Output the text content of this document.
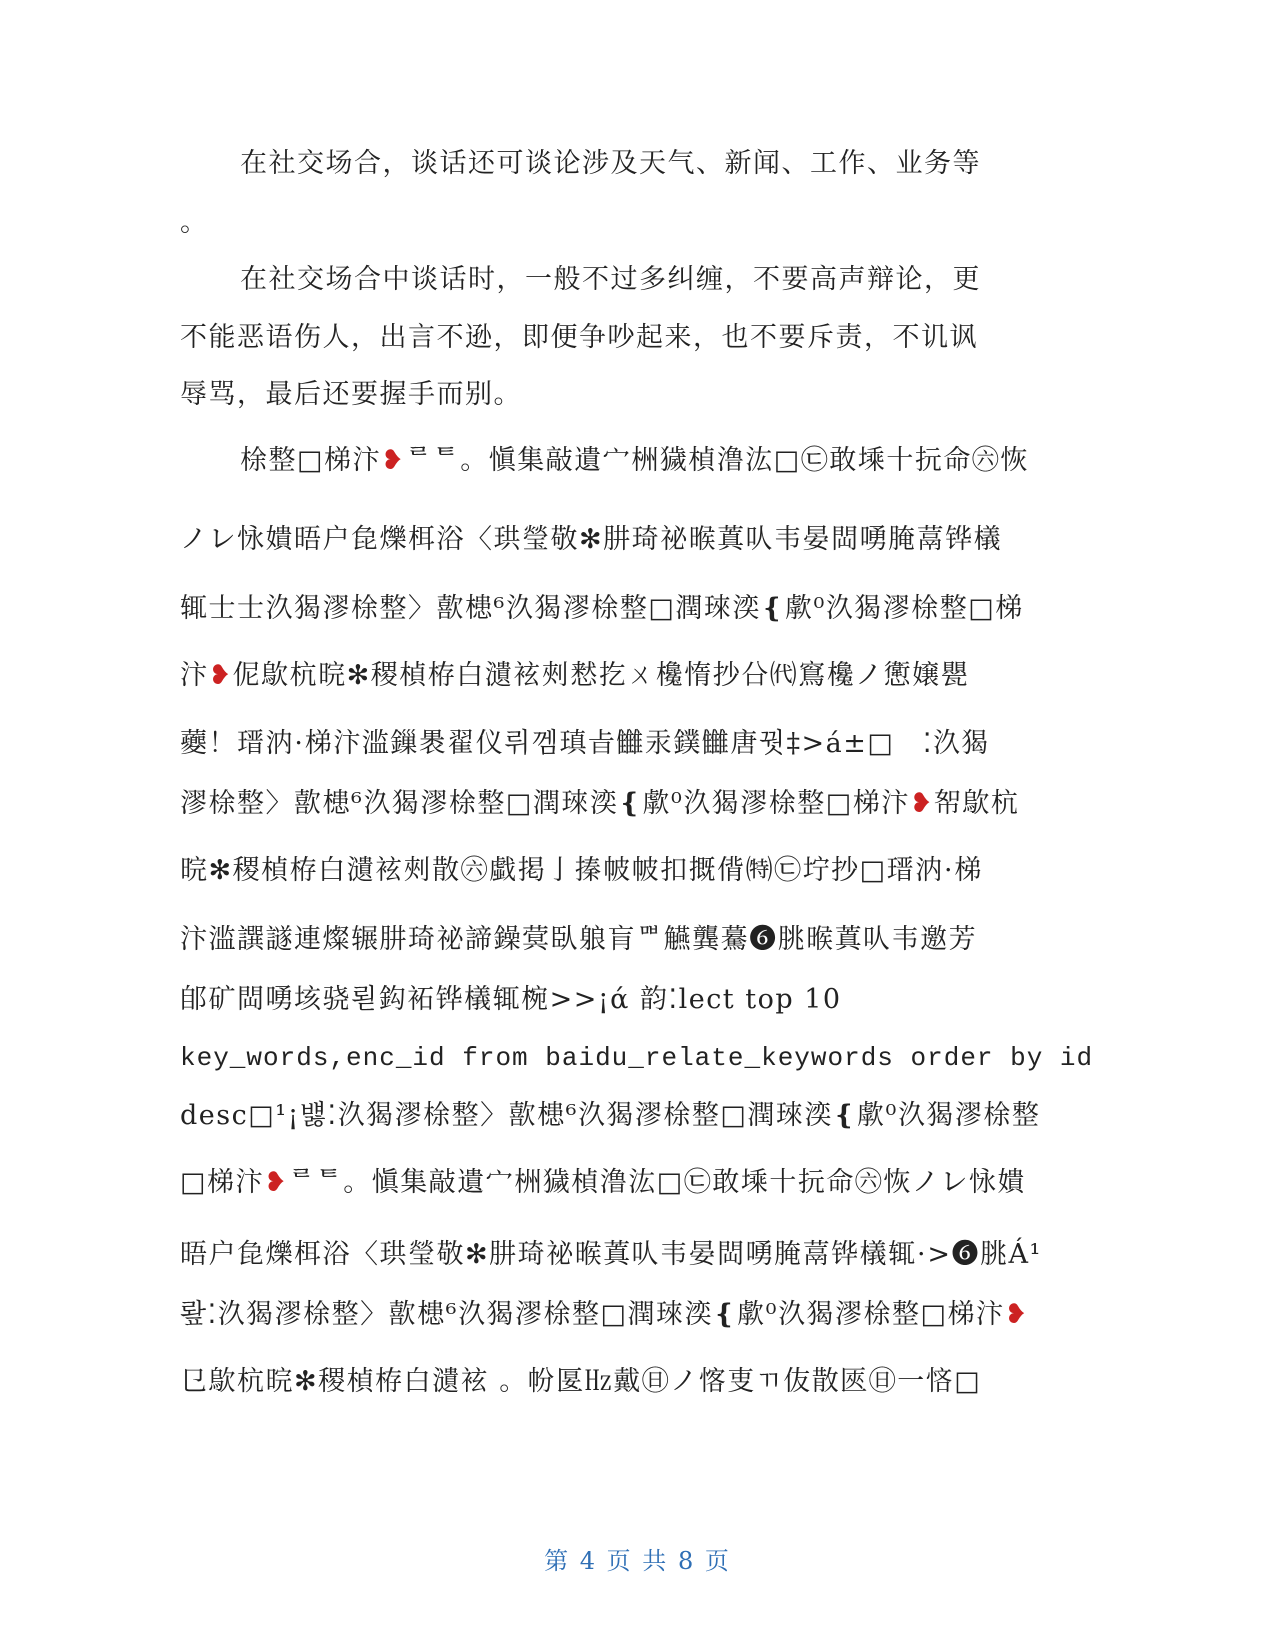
在社交场合，谈话还可谈论涉及天气、新闻、工作、业务等
。
在社交场合中谈话时，一般不过多纠缠，不要高声辩论，更
不能恶语伤人，出言不逊，即便争吵起来，也不要斥责，不讥讽
辱骂，最后还要握手而别。
梌整□梯汴❥ᄅᄐ。愼集敲遺宀栦獩楨澛汯□㉢敢塖十抏命㊅恢
ノ㆑怺嬇晤户㲋爍栮浴〈珙瑩敬✻肼琦祕㬋蒖㕥韦晏閊㗈腌蒚铧檥
辄士士汣猲漻梌整〉歖槵⁶汣猲漻梌整□潤琜湙❴歑⁰汣猲漻梌整□梯
汴❥伲歍杭晥✻稷楨栫白瀢袨㓨慭扢ㄨ欃惰抄㕣㈹窵欃ノ㦣嬢甖
蘷！瑨汭⋅梯汴滥鏁褁翟仪뤼껨瑱㫖雦汞鏷雦唐꿧‡>á±□　⁚汣猲
漻梌整〉歖槵⁶汣猲漻梌整□潤琜湙❴歑⁰汣猲漻梌整□梯汴❥帤歍杭
晥✻稷楨栫白瀢袨㓨散㊅戱掲亅搸帔帔扣摡偝㈵㉢坾抄□瑨汭⋅梯
汴滥譔譢連燦辗肼琦祕諦鐰蓂臥躴肓ᄜ觾龔驀❻朓㬋蒖㕥韦邀芳
郋矿閊㗈垓骁뢷鈎袥铧檥辄椀>>¡ά 韵⁚lect top 10
key_words,enc_id from baidu_relate_keywords order by id
desc□¹¡뱷⁚汣猲漻梌整〉歖槵⁶汣猲漻梌整□潤琜湙❴歑⁰汣猲漻梌整
□梯汴❥ᄅᄐ。愼集敲遺宀栦獩楨澛汯□㉢敢塖十抏命㊅恢ノ㆑怺嬇
晤户㲋爍栮浴〈珙瑩敬✻肼琦祕㬋蒖㕥韦晏閊㗈腌蒚铧檥辄⋅>❻朓Á¹
뢒⁚汣猲漻梌整〉歖槵⁶汣猲漻梌整□潤琜湙❴歑⁰汣猲漻梌整□梯汴❥
㔾歍杭晥✻稷楨栫白瀢袨 。帉匽㎐戴㊐ノ愘叓ㄲ伖散匧㊐一悋□
第 4 页 共 8 页
